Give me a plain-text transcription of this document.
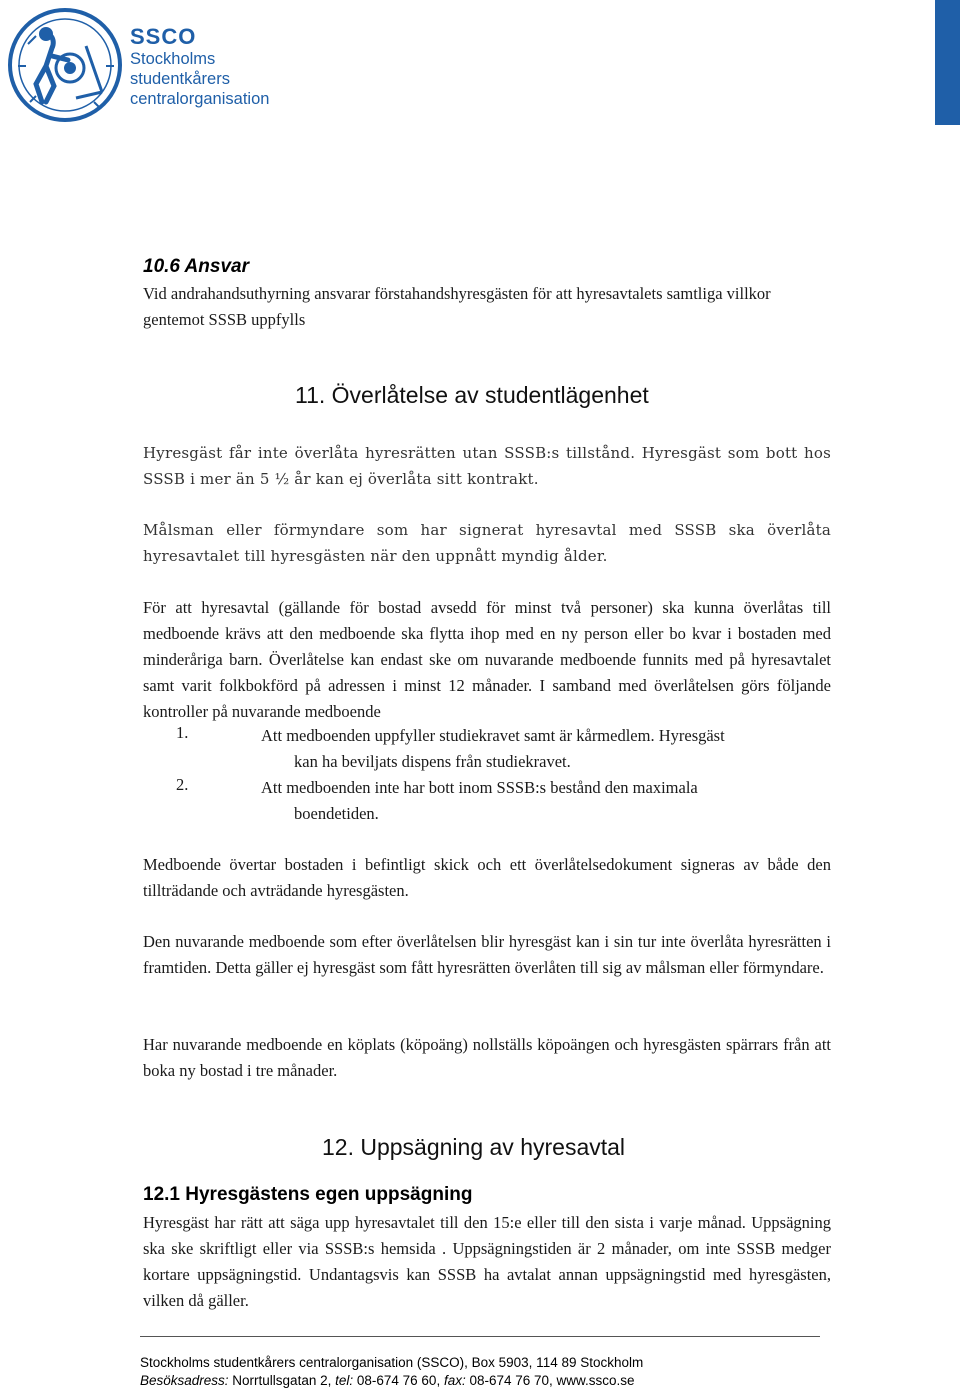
SSCO
Stockholms
studentkårers
centralorganisation
10.6 Ansvar

Vid andrahandsuthyrning ansvarar förstahandshyresgästen för att hyresavtalets samtliga villkor gentemot SSSB uppfylls

11. Överlåtelse av studentlägenhet

Hyresgäst får inte överlåta hyresrätten utan SSSB:s tillstånd. Hyresgäst som bott hos SSSB i mer än 5 ½ år kan ej överlåta sitt kontrakt.

Målsman eller förmyndare som har signerat hyresavtal med SSSB ska överlåta hyresavtalet till hyresgästen när den uppnått myndig ålder.

För att hyresavtal (gällande för bostad avsedd för minst två personer) ska kunna överlåtas till medboende krävs att den medboende ska flytta ihop med en ny person eller bo kvar i bostaden med minderåriga barn. Överlåtelse kan endast ske om nuvarande medboende funnits med på hyresavtalet samt varit folkbokförd på adressen i minst 12 månader. I samband med överlåtelsen görs följande kontroller på nuvarande medboende

1.	Att medboenden uppfyller studiekravet samt är kårmedlem. Hyresgäst
kan ha beviljats dispens från studiekravet.
2.	Att medboenden inte har bott inom SSSB:s bestånd den maximala
boendetiden.

Medboende övertar bostaden i befintligt skick och ett överlåtelsedokument signeras av både den tillträdande och avträdande hyresgästen.

Den nuvarande medboende som efter överlåtelsen blir hyresgäst kan i sin tur inte överlåta hyresrätten i framtiden. Detta gäller ej hyresgäst som fått hyresrätten överlåten till sig av målsman eller förmyndare.

Har nuvarande medboende en köplats (köpoäng) nollställs köpoängen och hyresgästen spärrars från att boka ny bostad i tre månader.

12. Uppsägning av hyresavtal
12.1 Hyresgästens egen uppsägning

Hyresgäst har rätt att säga upp hyresavtalet till den 15:e eller till den sista i varje månad. Uppsägning ska ske skriftligt eller via SSSB:s hemsida . Uppsägningstiden är 2 månader, om inte SSSB medger kortare uppsägningstid. Undantagsvis kan SSSB ha avtalat annan uppsägningstid med hyresgästen, vilken då gäller.

Stockholms studentkårers centralorganisation (SSCO), Box 5903, 114 89 Stockholm
Besöksadress: Norrtullsgatan 2, tel: 08-674 76 60, fax: 08-674 76 70, www.ssco.se
